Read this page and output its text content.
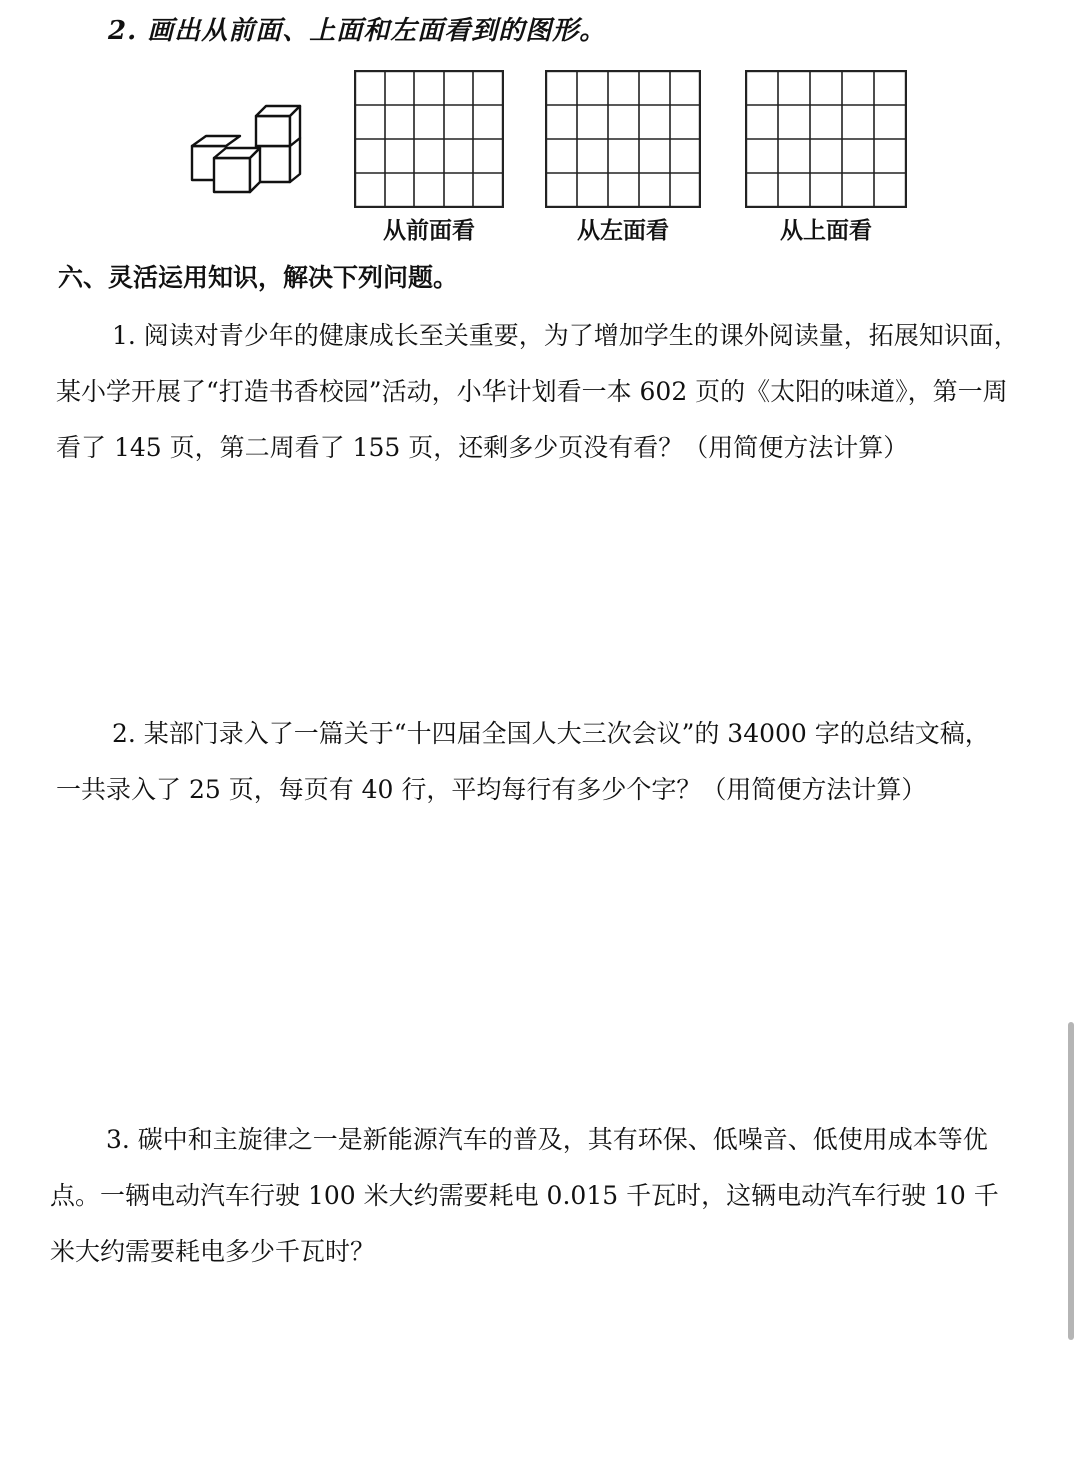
2. 画出从前面、上面和左面看到的图形。
从前面看	从左面看	从上面看
六、灵活运用知识，解决下列问题。

1. 阅读对青少年的健康成长至关重要，为了增加学生的课外阅读量，拓展知识面，

某小学开展了“打造书香校园”活动，小华计划看一本 602 页的《太阳的味道》，第一周

看了 145 页，第二周看了 155 页，还剩多少页没有看？（用简便方法计算）

2. 某部门录入了一篇关于“十四届全国人大三次会议”的 34000 字的总结文稿，

一共录入了 25 页，每页有 40 行，平均每行有多少个字？（用简便方法计算）

3. 碳中和主旋律之一是新能源汽车的普及，其有环保、低噪音、低使用成本等优

点。一辆电动汽车行驶 100 米大约需要耗电 0.015 千瓦时，这辆电动汽车行驶 10 千

米大约需要耗电多少千瓦时？
